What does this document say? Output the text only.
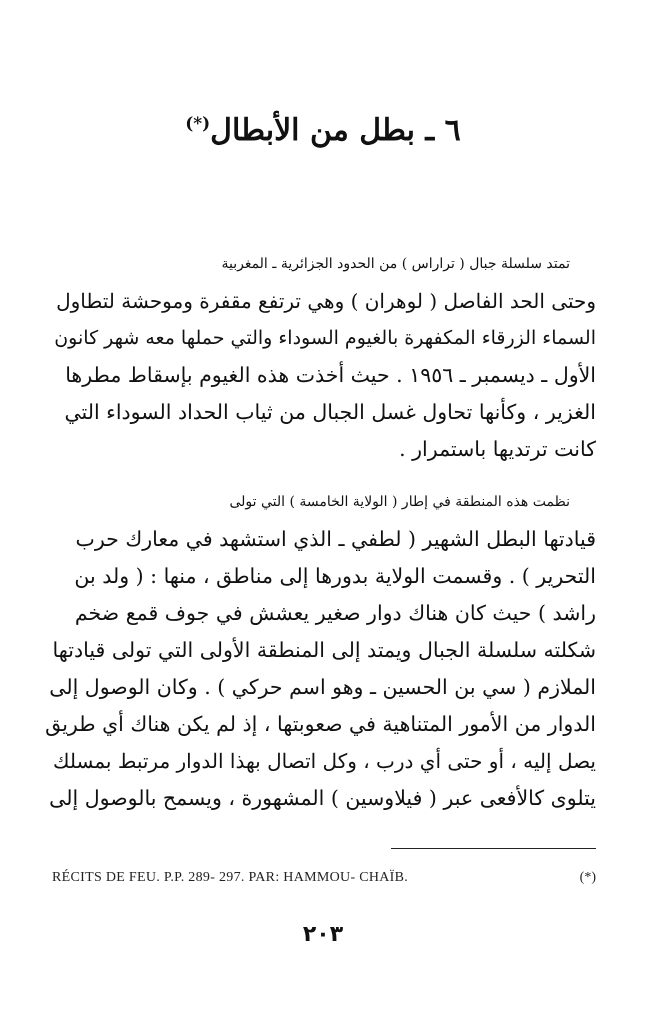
٦ ـ بطل من الأبطال(*)

تمتد سلسلة جبال ( تراراس ) من الحدود الجزائرية ـ المغربية
وحتى الحد الفاصل ( لوهران ) وهي ترتفع مقفرة وموحشة لتطاول
السماء الزرقاء المكفهرة بالغيوم السوداء والتي حملها معه شهر كانون
الأول ـ ديسمبر ـ ١٩٥٦ . حيث أخذت هذه الغيوم بإسقاط مطرها
الغزير ، وكأنها تحاول غسل الجبال من ثياب الحداد السوداء التي
كانت ترتديها باستمرار .

نظمت هذه المنطقة في إطار ( الولاية الخامسة ) التي تولى
قيادتها البطل الشهير ( لطفي ـ الذي استشهد في معارك حرب
التحرير ) . وقسمت الولاية بدورها إلى مناطق ، منها : ( ولد بن
راشد ) حيث كان هناك دوار صغير يعشش في جوف قمع ضخم
شكلته سلسلة الجبال ويمتد إلى المنطقة الأولى التي تولى قيادتها
الملازم ( سي بن الحسين ـ وهو اسم حركي ) . وكان الوصول إلى
الدوار من الأمور المتناهية في صعوبتها ، إذ لم يكن هناك أي طريق
يصل إليه ، أو حتى أي درب ، وكل اتصال بهذا الدوار مرتبط بمسلك
يتلوى كالأفعى عبر ( فيلاوسين ) المشهورة ، ويسمح بالوصول إلى

RÉCITS DE FEU. P.P. 289- 297. PAR: HAMMOU- CHAÏB.	(*)
٢٠٣
